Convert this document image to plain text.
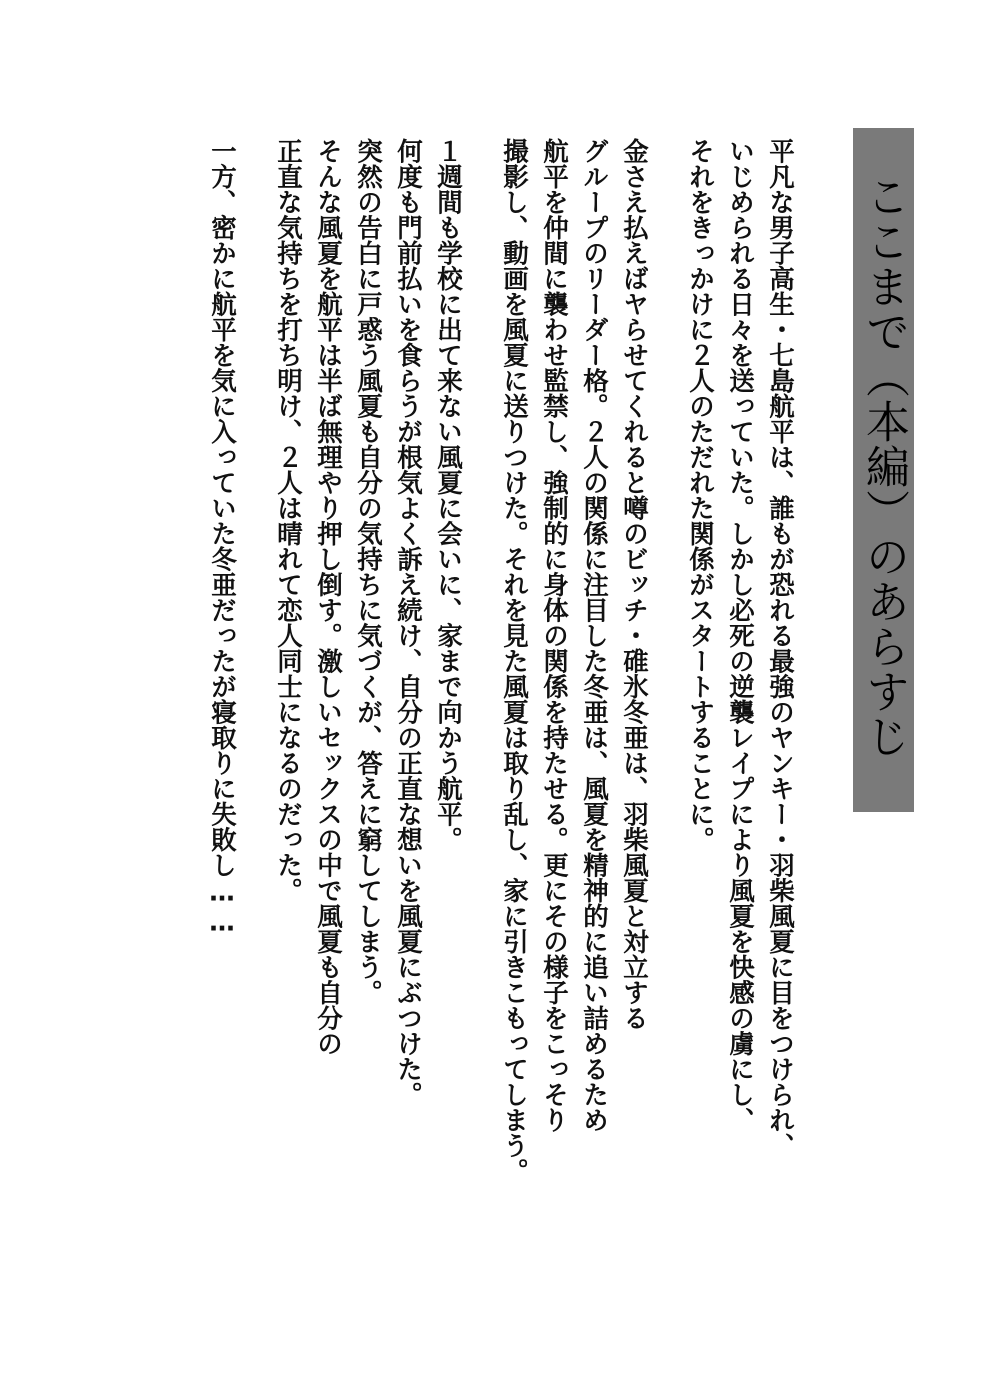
ここまで（本編）のあらすじ
平凡な男子高生・七島航平は、誰もが恐れる最強のヤンキー・羽柴風夏に目をつけられ、
いじめられる日々を送っていた。しかし必死の逆襲レイプにより風夏を快感の虜にし、
それをきっかけに２人のただれた関係がスタートすることに。
金さえ払えばヤらせてくれると噂のビッチ・碓氷冬亜は、羽柴風夏と対立する
グループのリーダー格。２人の関係に注目した冬亜は、風夏を精神的に追い詰めるため
航平を仲間に襲わせ監禁し、強制的に身体の関係を持たせる。更にその様子をこっそり
撮影し、動画を風夏に送りつけた。それを見た風夏は取り乱し、家に引きこもってしまう。
１週間も学校に出て来ない風夏に会いに、家まで向かう航平。
何度も門前払いを食らうが根気よく訴え続け、自分の正直な想いを風夏にぶつけた。
突然の告白に戸惑う風夏も自分の気持ちに気づくが、答えに窮してしまう。
そんな風夏を航平は半ば無理やり押し倒す。激しいセックスの中で風夏も自分の
正直な気持ちを打ち明け、２人は晴れて恋人同士になるのだった。
一方、密かに航平を気に入っていた冬亜だったが寝取りに失敗し……
